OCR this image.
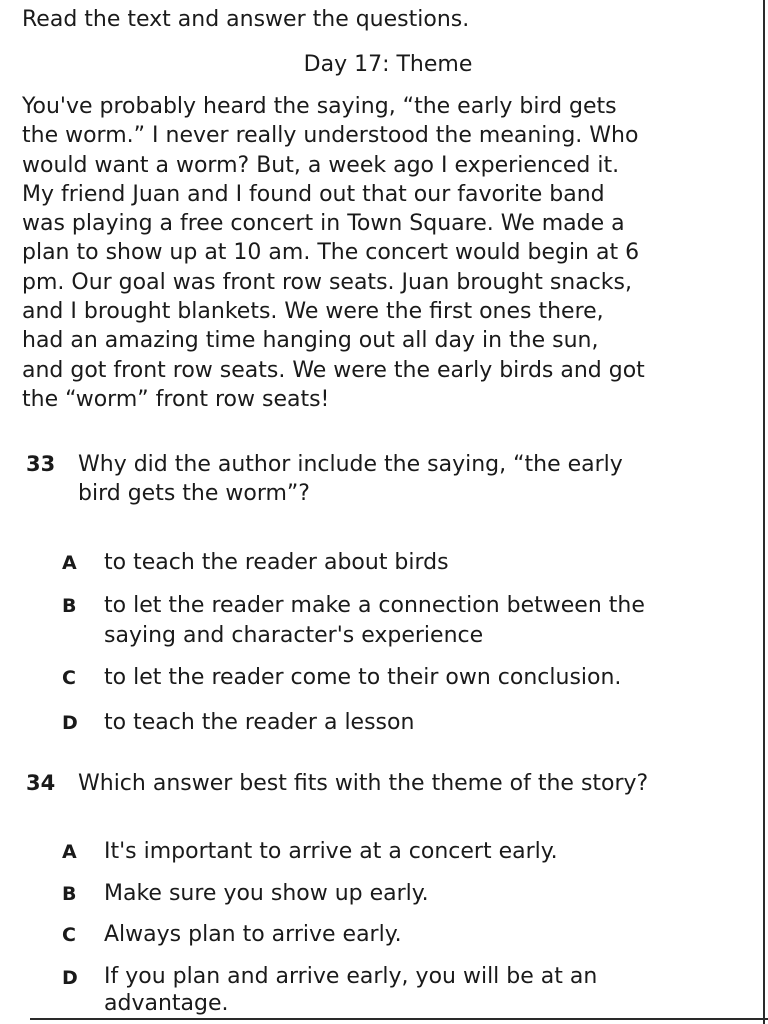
Read the text and answer the questions.

Day 17: Theme

You've probably heard the saying, “the early bird gets
the worm.” I never really understood the meaning. Who
would want a worm? But, a week ago I experienced it.
My friend Juan and I found out that our favorite band
was playing a free concert in Town Square. We made a
plan to show up at 10 am. The concert would begin at 6
pm. Our goal was front row seats. Juan brought snacks,
and I brought blankets. We were the first ones there,
had an amazing time hanging out all day in the sun,
and got front row seats. We were the early birds and got
the “worm” front row seats!
33 Why did the author include the saying, “the early
bird gets the worm”?
A	to teach the reader about birds
B	to let the reader make a connection between the
saying and character's experience
C	to let the reader come to their own conclusion.
D	to teach the reader a lesson
34 Which answer best fits with the theme of the story?
A	It's important to arrive at a concert early.
B	Make sure you show up early.
C	Always plan to arrive early.
D	If you plan and arrive early, you will be at an
advantage.
